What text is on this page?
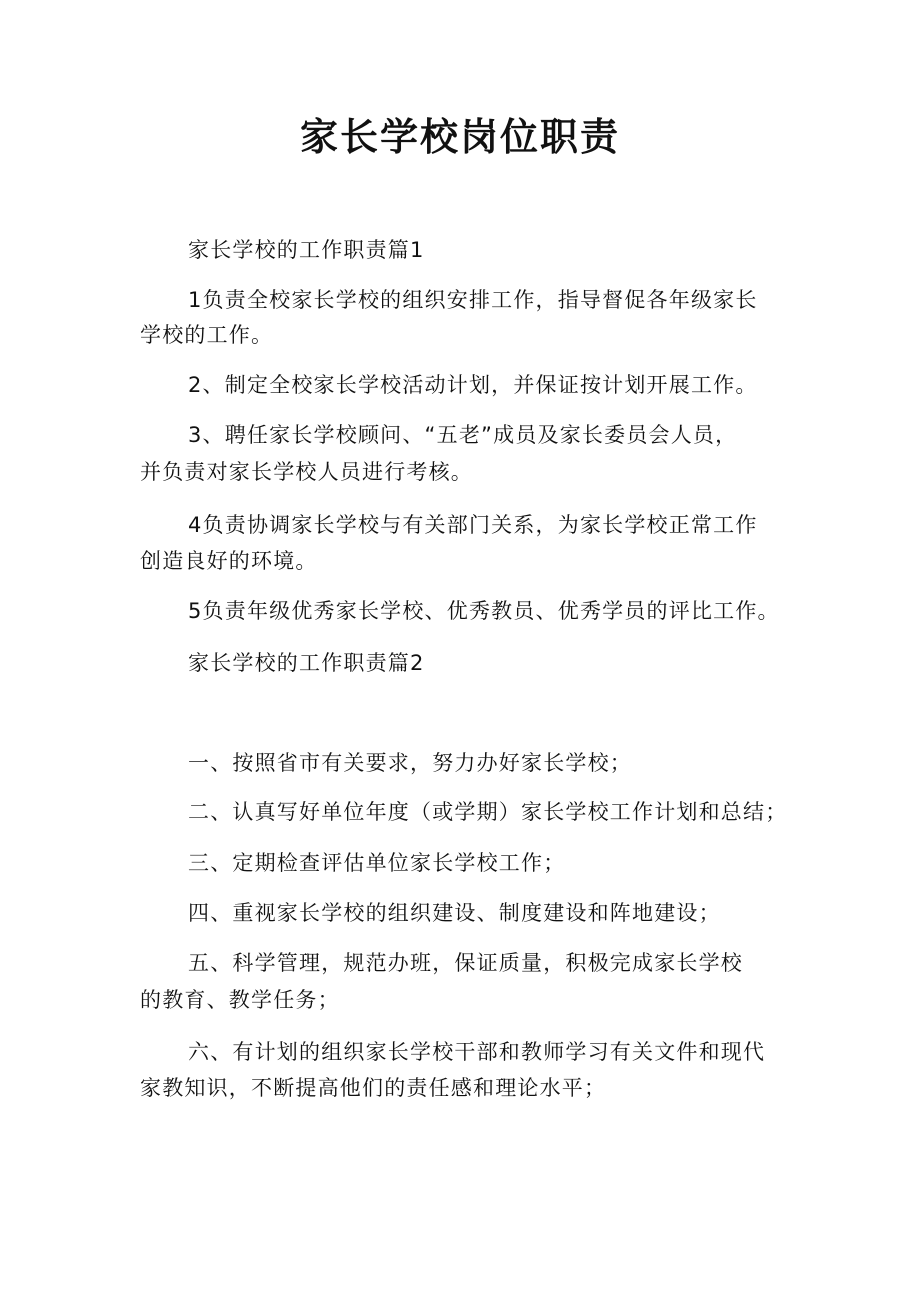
家长学校岗位职责

家长学校的工作职责篇1

1负责全校家长学校的组织安排工作，指导督促各年级家长

学校的工作。

2、制定全校家长学校活动计划，并保证按计划开展工作。

3、聘任家长学校顾问、“五老”成员及家长委员会人员，

并负责对家长学校人员进行考核。

4负责协调家长学校与有关部门关系，为家长学校正常工作

创造良好的环境。

5负责年级优秀家长学校、优秀教员、优秀学员的评比工作。

家长学校的工作职责篇2

一、按照省市有关要求，努力办好家长学校；

二、认真写好单位年度（或学期）家长学校工作计划和总结；

三、定期检查评估单位家长学校工作；

四、重视家长学校的组织建设、制度建设和阵地建设；

五、科学管理，规范办班，保证质量，积极完成家长学校

的教育、教学任务；

六、有计划的组织家长学校干部和教师学习有关文件和现代

家教知识，不断提高他们的责任感和理论水平；
